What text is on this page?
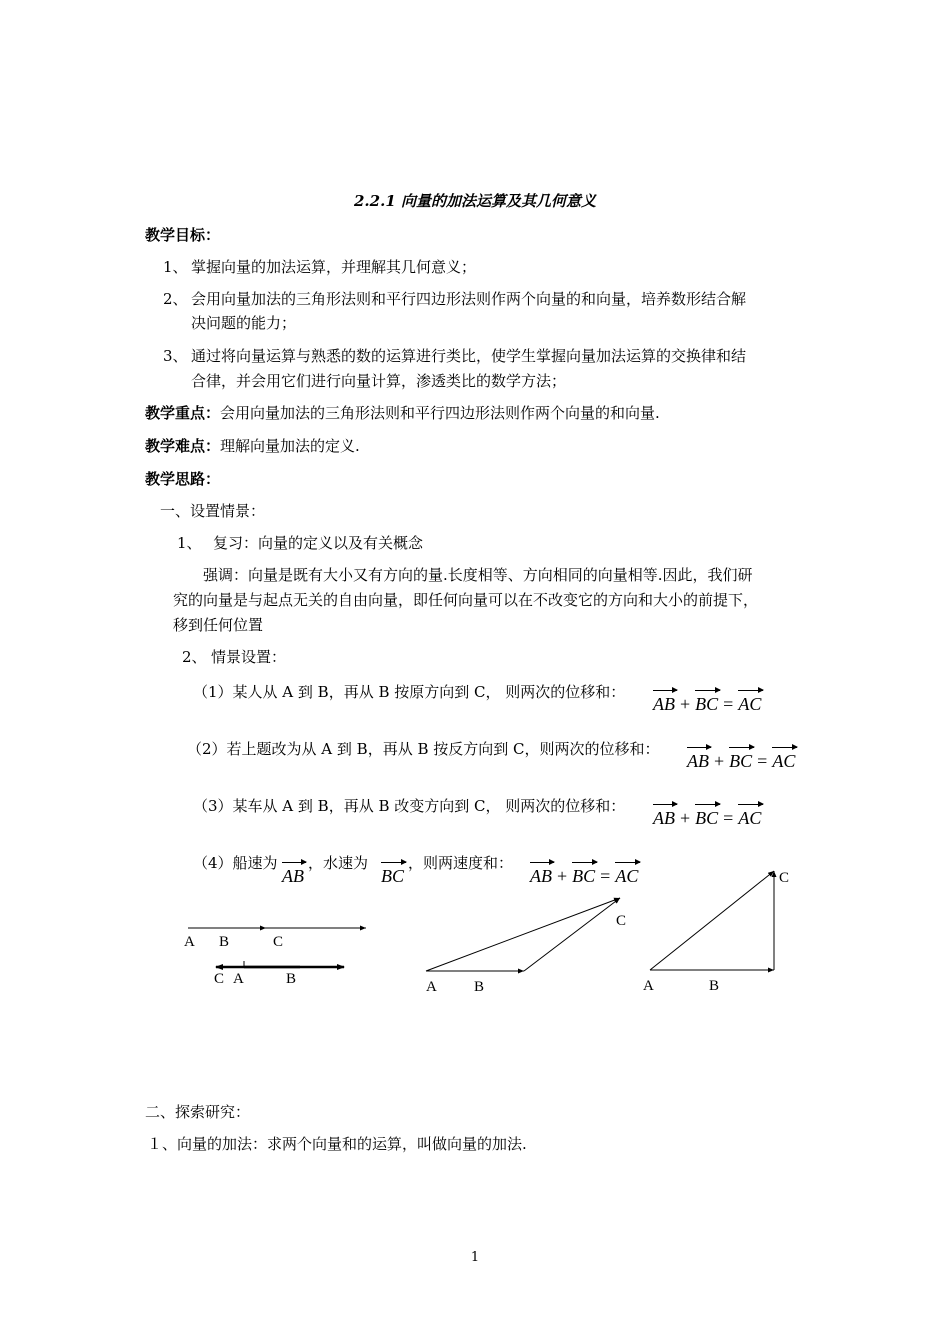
2.2.1 向量的加法运算及其几何意义
教学目标：
1、 掌握向量的加法运算，并理解其几何意义；
2、 会用向量加法的三角形法则和平行四边形法则作两个向量的和向量，培养数形结合解
决问题的能力；
3、 通过将向量运算与熟悉的数的运算进行类比，使学生掌握向量加法运算的交换律和结
合律，并会用它们进行向量计算，渗透类比的数学方法；
教学重点：会用向量加法的三角形法则和平行四边形法则作两个向量的和向量.
教学难点：理解向量加法的定义.
教学思路：
一、设置情景：
1、 复习：向量的定义以及有关概念
强调：向量是既有大小又有方向的量.长度相等、方向相同的向量相等.因此，我们研
究的向量是与起点无关的自由向量，即任何向量可以在不改变它的方向和大小的前提下，
移到任何位置
2、 情景设置：
（1）某人从 A 到 B，再从 B 按原方向到 C， 则两次的位移和：
AB + BC = AC
（2）若上题改为从 A 到 B，再从 B 按反方向到 C，则两次的位移和：
AB + BC = AC
（3）某车从 A 到 B，再从 B 改变方向到 C， 则两次的位移和：
AB + BC = AC
（4）船速为
AB
，水速为
BC
，则两速度和：
AB + BC = AC
A B	C
C A	B	A B
C
A	B
C
二、探索研究：
１、向量的加法：求两个向量和的运算，叫做向量的加法.
1
